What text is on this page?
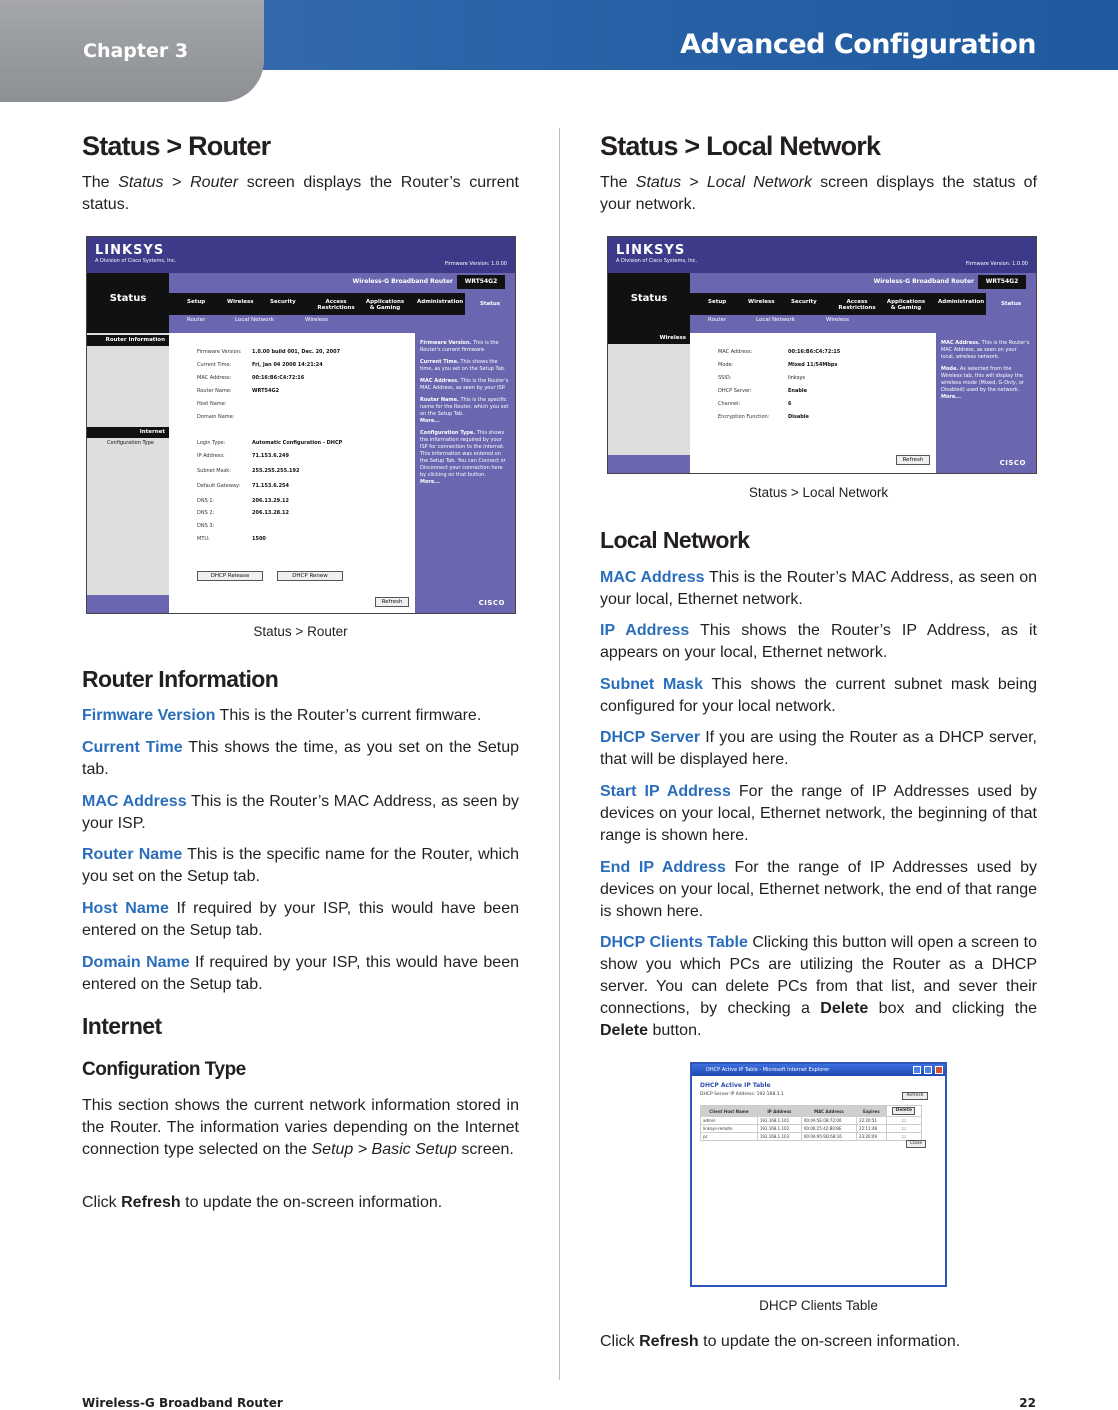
Chapter 3	Advanced Configuration
Status > Router

The Status > Router screen displays the Router’s current status.

LINKSYS
A Division of Cisco Systems, Inc.	Firmware Version: 1.0.00
Status
Wireless-G Broadband Router	WRT54G2
Setup	Wireless	Security	Access Restrictions
Applications & Gaming
Administration	Status
Router	Local Network	Wireless
Router Information
Internet
Configuration Type
Firmware Version: 1.0.00 build 001, Dec. 20, 2007
Current Time:	Fri, Jan 04 2008 14:21:24
MAC Address:	00:16:B6:C4:72:16
Router Name:	WRT54G2
Host Name:
Domain Name:
Login Type:	Automatic Configuration - DHCP
IP Address:	71.153.6.249
Subnet Mask:	255.255.255.192
Default Gateway: 71.153.6.254
DNS 1:	206.13.29.12
DNS 2:	206.13.28.12
DNS 3:
MTU:	1500
DHCP Release	DHCP Renew
Refresh
Firmware Version. This is the Router's current firmware.
Current Time. This shows the time, as you set on the Setup Tab.
MAC Address. This is the Router's MAC Address, as seen by your ISP.
Router Name. This is the specific name for the Router, which you set on the Setup Tab.
More...
Configuration Type. This shows the information required by your ISP for connection to the Internet. This information was entered on the Setup Tab. You can Connect or Disconnect your connection here by clicking on that button.
More...
CISCO
Status > Router
Router Information

Firmware Version This is the Router’s current firmware.

Current Time This shows the time, as you set on the Setup tab.

MAC Address This is the Router’s MAC Address, as seen by your ISP.

Router Name This is the specific name for the Router, which you set on the Setup tab.

Host Name If required by your ISP, this would have been entered on the Setup tab.

Domain Name If required by your ISP, this would have been entered on the Setup tab.

Internet
Configuration Type

This section shows the current network information stored in the Router. The information varies depending on the Internet connection type selected on the Setup > Basic Setup screen.

Click Refresh to update the on-screen information.

Status > Local Network

The Status > Local Network screen displays the status of your network.

LINKSYS
A Division of Cisco Systems, Inc.	Firmware Version: 1.0.00
Status
Wireless-G Broadband Router	WRT54G2
Setup	Wireless	Security	Access Restrictions
Applications & Gaming
Administration	Status
Router	Local Network	Wireless
Wireless
MAC Address:	00:16:B6:C4:72:15
Mode:	Mixed 11/54Mbps
SSID:	linksys
DHCP Server:	Enable
Channel:	6
Encryption Function:	Disable
Refresh
MAC Address. This is the Router's MAC Address, as seen on your local, wireless network.
Mode. As selected from the Wireless tab, this will display the wireless mode (Mixed, G-Only, or Disabled) used by the network.
More...
CISCO
Status > Local Network
Local Network

MAC Address This is the Router’s MAC Address, as seen on your local, Ethernet network.

IP Address This shows the Router’s IP Address, as it appears on your local, Ethernet network.

Subnet Mask This shows the current subnet mask being configured for your local network.

DHCP Server If you are using the Router as a DHCP server, that will be displayed here.

Start IP Address For the range of IP Addresses used by devices on your local, Ethernet network, the beginning of that range is shown here.

End IP Address For the range of IP Addresses used by devices on your local, Ethernet network, the end of that range is shown here.

DHCP Clients Table Clicking this button will open a screen to show you which PCs are utilizing the Router as a DHCP server. You can delete PCs from that list, and sever their connections, by checking a Delete box and clicking the Delete button.

DHCP Active IP Table - Microsoft Internet Explorer
DHCP Active IP Table
DHCP Server IP Address: 192.168.1.1	Refresh
Client Host Name	IP Address	MAC Address	Expires	Delete
admin	192.168.1.101	00:0A:5E:0B:72:00	22:20:51	☐
linksys-remote	192.168.1.102	00:06:25:42:B0:BE	22:11:48	☐
pc	192.168.1.103	00:0A:95:9D:68:16	23:20:09	☐
Close
DHCP Clients Table

Click Refresh to update the on-screen information.

Wireless-G Broadband Router	22
